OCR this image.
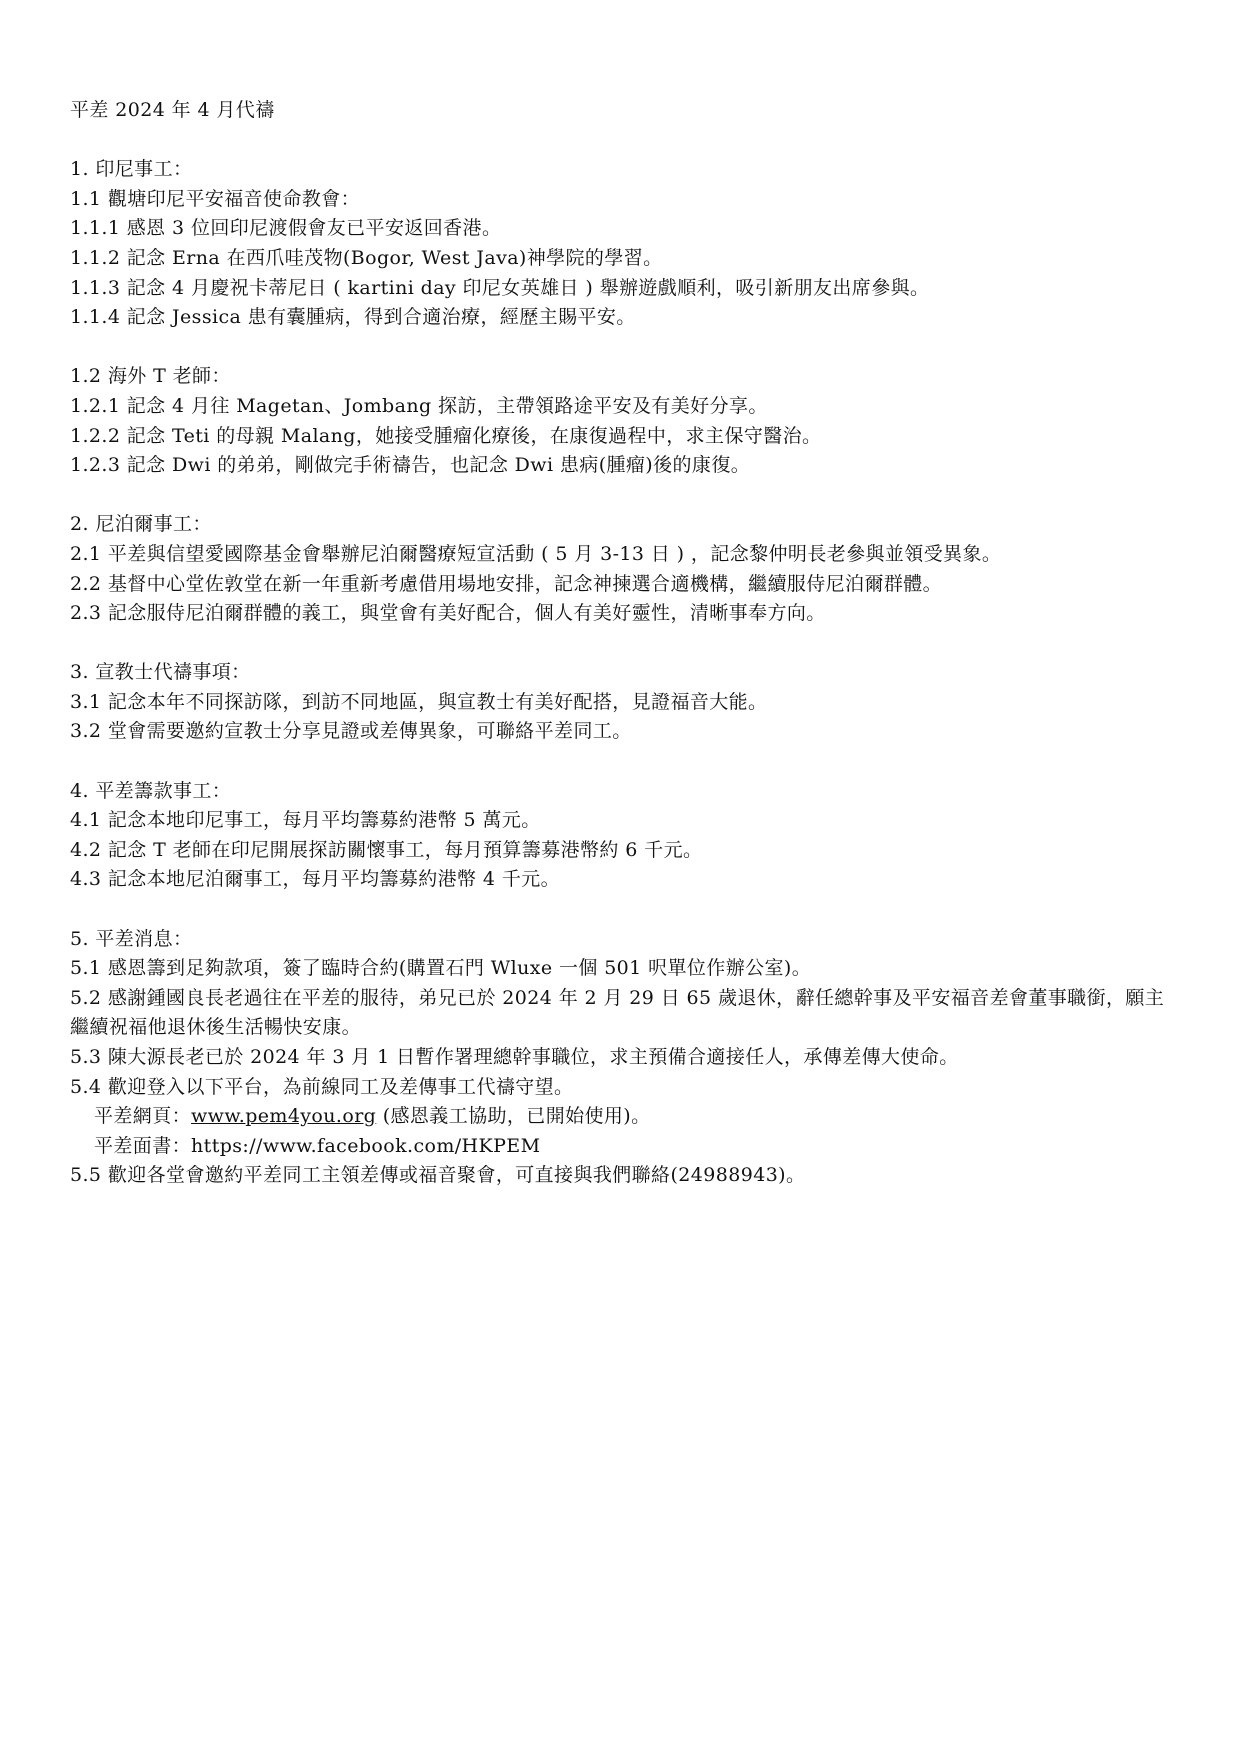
平差 2024 年 4 月代禱
1. 印尼事工：
1.1 觀塘印尼平安福音使命教會：
1.1.1 感恩 3 位回印尼渡假會友已平安返回香港。
1.1.2 記念 Erna 在西爪哇茂物(Bogor, West Java)神學院的學習。
1.1.3 記念 4 月慶祝卡蒂尼日 ( kartini day 印尼女英雄日 ) 舉辦遊戲順利，吸引新朋友出席參與。
1.1.4 記念 Jessica 患有囊腫病，得到合適治療，經歷主賜平安。
1.2 海外 T 老師：
1.2.1 記念 4 月往 Magetan、Jombang 探訪，主帶領路途平安及有美好分享。
1.2.2 記念 Teti 的母親 Malang，她接受腫瘤化療後，在康復過程中，求主保守醫治。
1.2.3 記念 Dwi 的弟弟，剛做完手術禱告，也記念 Dwi 患病(腫瘤)後的康復。
2. 尼泊爾事工：
2.1 平差與信望愛國際基金會舉辦尼泊爾醫療短宣活動 ( 5 月 3-13 日 ) ，記念黎仲明長老參與並領受異象。
2.2 基督中心堂佐敦堂在新一年重新考慮借用場地安排，記念神揀選合適機構，繼續服侍尼泊爾群體。
2.3 記念服侍尼泊爾群體的義工，與堂會有美好配合，個人有美好靈性，清晰事奉方向。
3. 宣教士代禱事項：
3.1 記念本年不同探訪隊，到訪不同地區，與宣教士有美好配搭，見證福音大能。
3.2 堂會需要邀約宣教士分享見證或差傳異象，可聯絡平差同工。
4. 平差籌款事工：
4.1 記念本地印尼事工，每月平均籌募約港幣 5 萬元。
4.2 記念 T 老師在印尼開展探訪關懷事工，每月預算籌募港幣約 6 千元。
4.3 記念本地尼泊爾事工，每月平均籌募約港幣 4 千元。
5. 平差消息：
5.1 感恩籌到足夠款項，簽了臨時合約(購置石門 Wluxe 一個 501 呎單位作辦公室)。
5.2 感謝鍾國良長老過往在平差的服待，弟兄已於 2024 年 2 月 29 日 65 歲退休，辭任總幹事及平安福音差會董事職銜，願主繼續祝福他退休後生活暢快安康。
5.3 陳大源長老已於 2024 年 3 月 1 日暫作署理總幹事職位，求主預備合適接任人，承傳差傳大使命。
5.4 歡迎登入以下平台，為前線同工及差傳事工代禱守望。
平差網頁：www.pem4you.org (感恩義工協助，已開始使用)。
平差面書：https://www.facebook.com/HKPEM
5.5 歡迎各堂會邀約平差同工主領差傳或福音聚會，可直接與我們聯絡(24988943)。
